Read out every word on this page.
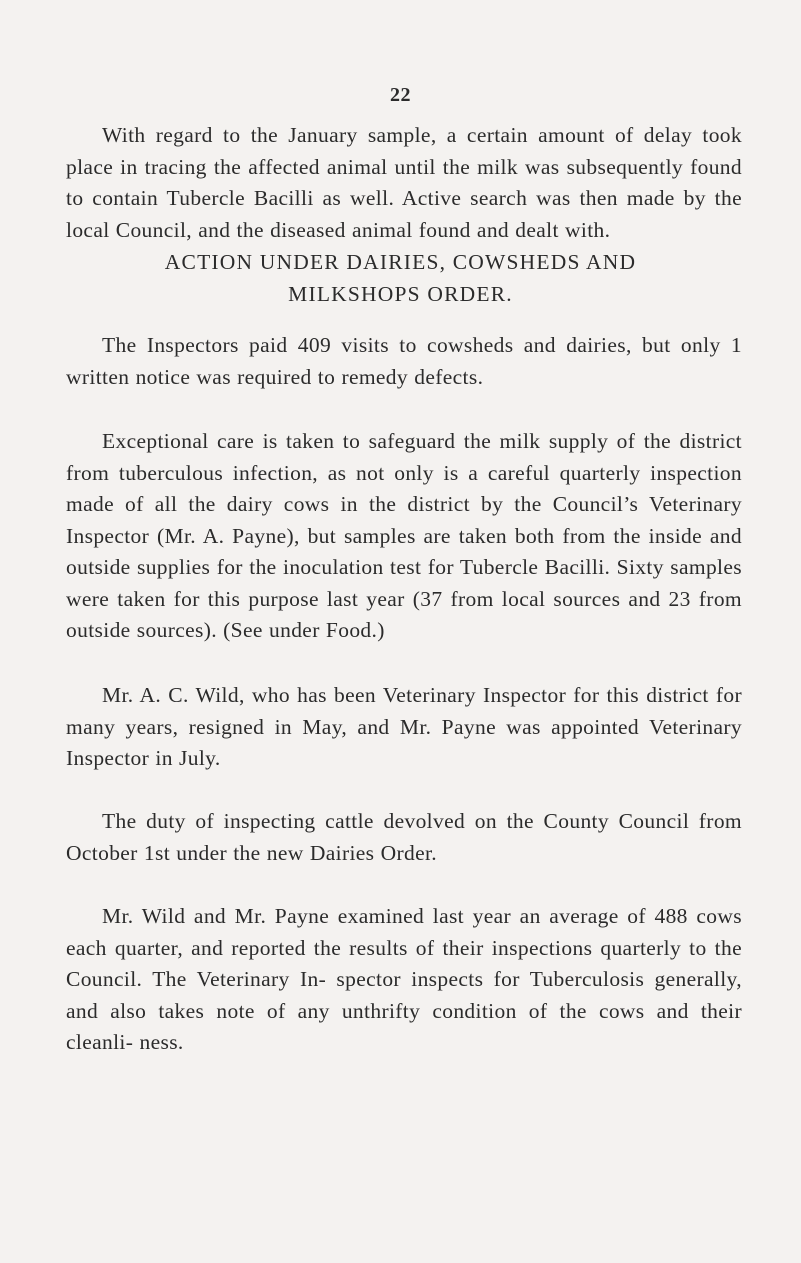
22

With regard to the January sample, a certain amount of delay took place in tracing the affected animal until the milk was subsequently found to contain Tubercle Bacilli as well. Active search was then made by the local Council, and the diseased animal found and dealt with.

ACTION UNDER DAIRIES, COWSHEDS AND
MILKSHOPS ORDER.

The Inspectors paid 409 visits to cowsheds and dairies, but only 1 written notice was required to remedy defects.

Exceptional care is taken to safeguard the milk supply of the district from tuberculous infection, as not only is a careful quarterly inspection made of all the dairy cows in the district by the Council’s Veterinary Inspector (Mr. A. Payne), but samples are taken both from the inside and outside supplies for the inoculation test for Tubercle Bacilli. Sixty samples were taken for this purpose last year (37 from local sources and 23 from outside sources). (See under Food.)

Mr. A. C. Wild, who has been Veterinary Inspector for this district for many years, resigned in May, and Mr. Payne was appointed Veterinary Inspector in July.

The duty of inspecting cattle devolved on the County Council from October 1st under the new Dairies Order.

Mr. Wild and Mr. Payne examined last year an average of 488 cows each quarter, and reported the results of their inspections quarterly to the Council. The Veterinary In- spector inspects for Tuberculosis generally, and also takes note of any unthrifty condition of the cows and their cleanli- ness.
